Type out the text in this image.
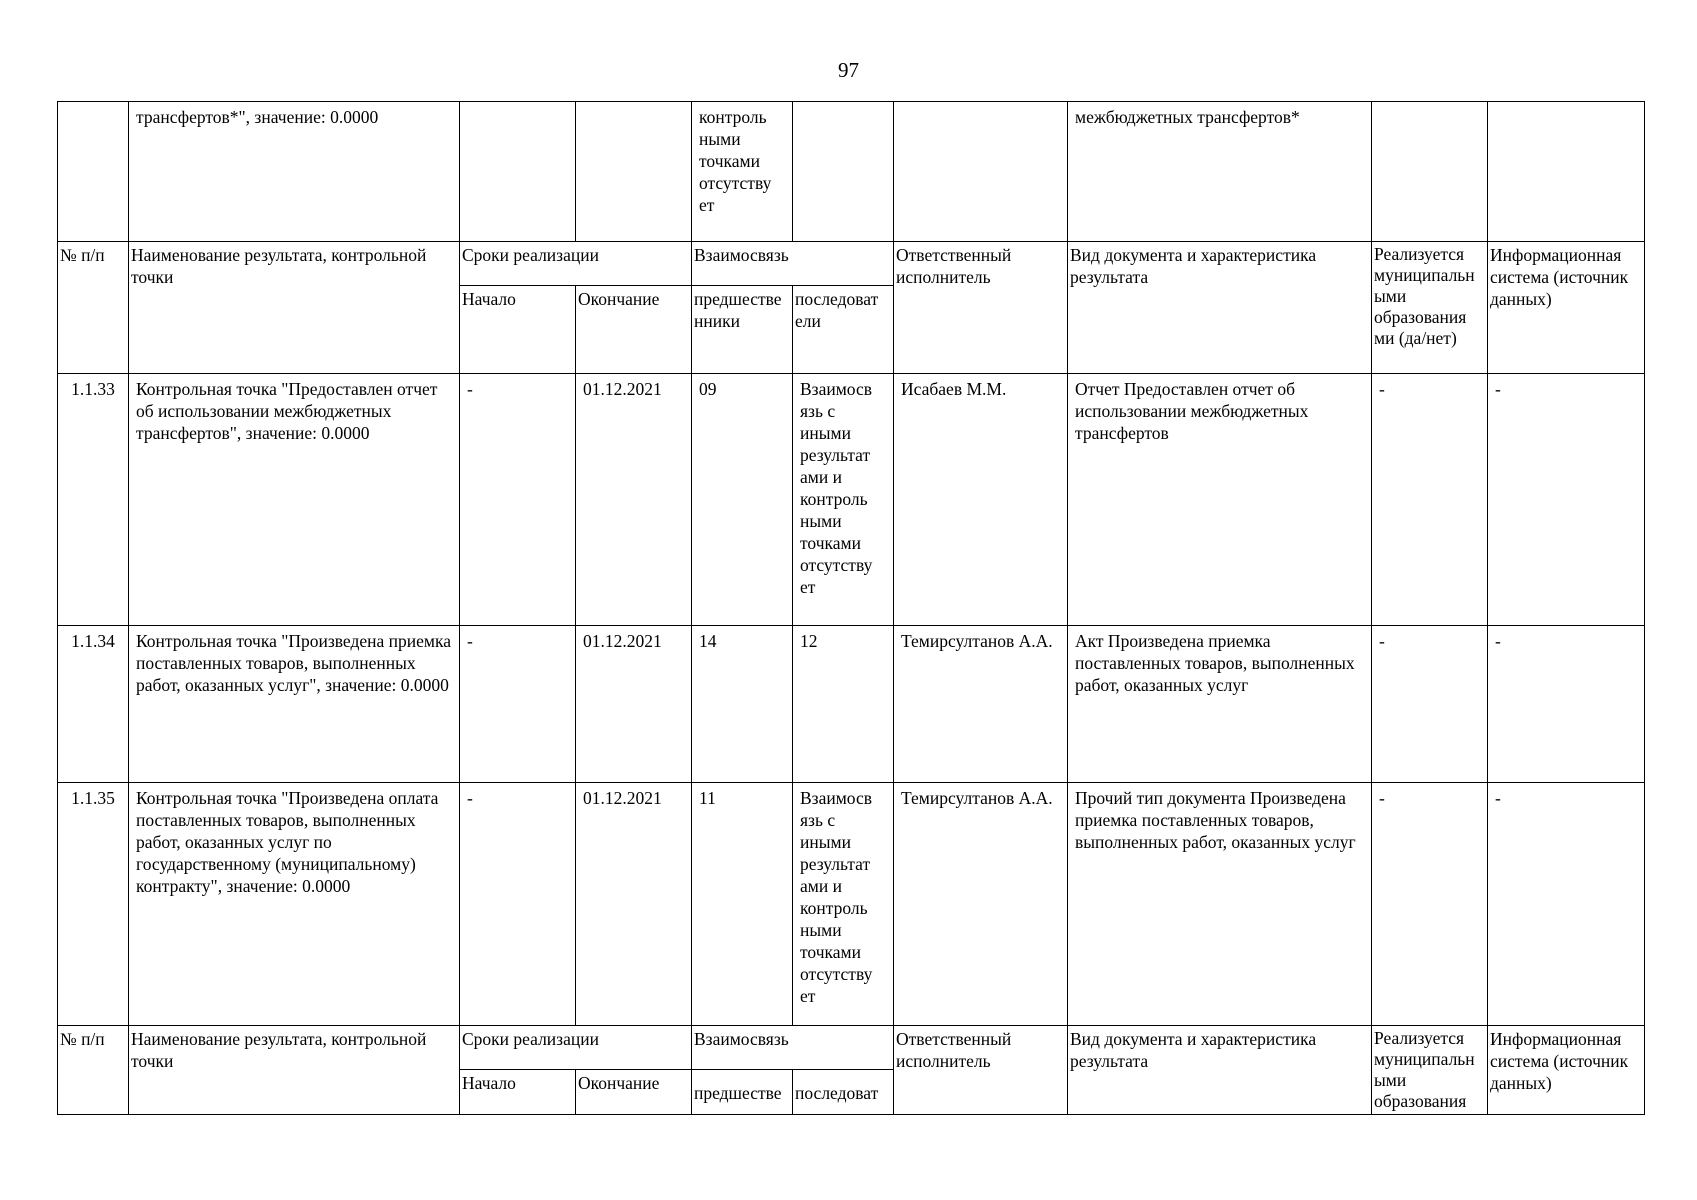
97

	трансфертов*", значение: 0.0000			контроль ными точками отсутству ет			межбюджетных трансфертов*		

№ п/п	Наименование результата, контрольной точки	Сроки реализации		Взаимосвязь		Ответственный исполнитель	Вид документа и характеристика результата	Реализуется муниципальн ыми образования ми (да/нет)	Информационная система (источник данных)

		Начало	Окончание	предшестве нники	последоват ели				

1.1.33	Контрольная точка "Предоставлен отчет об использовании межбюджетных трансфертов", значение: 0.0000	-	01.12.2021	09	Взаимосв язь с иными результат ами и контроль ными точками отсутству ет	Исабаев М.М.	Отчет Предоставлен отчет об использовании межбюджетных трансфертов	-	-

1.1.34	Контрольная точка "Произведена приемка поставленных товаров, выполненных работ, оказанных услуг", значение: 0.0000	-	01.12.2021	14	12	Темирсултанов А.А.	Акт Произведена приемка поставленных товаров, выполненных работ, оказанных услуг	-	-

1.1.35	Контрольная точка "Произведена оплата поставленных товаров, выполненных работ, оказанных услуг по государственному (муниципальному) контракту", значение: 0.0000	-	01.12.2021	11	Взаимосв язь с иными результат ами и контроль ными точками отсутству ет	Темирсултанов А.А.	Прочий тип документа Произведена приемка поставленных товаров, выполненных работ, оказанных услуг	-	-

№ п/п	Наименование результата, контрольной точки	Сроки реализации		Взаимосвязь		Ответственный исполнитель	Вид документа и характеристика результата	Реализуется муниципальн ыми образования	Информационная система (источник данных)

		Начало	Окончание	предшестве	последоват				
